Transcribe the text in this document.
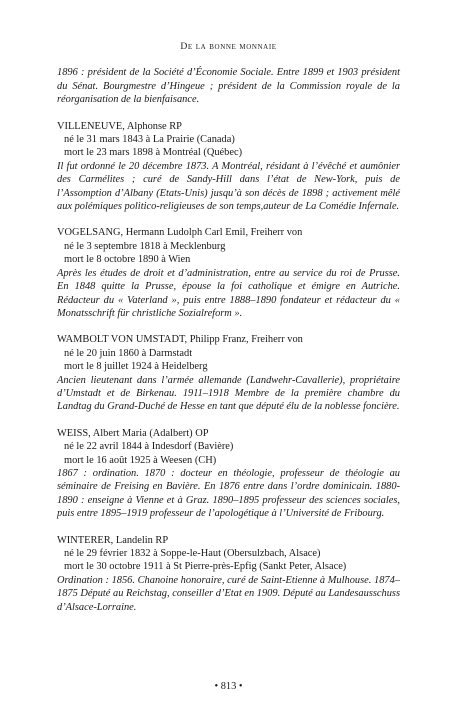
De la bonne monnaie
1896 : président de la Société d’Économie Sociale. Entre 1899 et 1903 président du Sénat. Bourgmestre d’Hingeue ; président de la Commission royale de la réorganisation de la bienfaisance.
VILLENEUVE, Alphonse RP
né le 31 mars 1843 à La Prairie (Canada)
mort le 23 mars 1898 à Montréal (Québec)
Il fut ordonné le 20 décembre 1873. A Montréal, résidant à l’évêché et aumônier des Carmélites ; curé de Sandy-Hill dans l’état de New-York, puis de l’Assomption d’Albany (Etats-Unis) jusqu’à son décès de 1898 ; activement mêlé aux polémiques politico-religieuses de son temps,auteur de La Comédie Infernale.
VOGELSANG, Hermann Ludolph Carl Emil, Freiherr von
né le 3 septembre 1818 à Mecklenburg
mort le 8 octobre 1890 à Wien
Après les études de droit et d’administration, entre au service du roi de Prusse. En 1848 quitte la Prusse, épouse la foi catholique et émigre en Autriche. Rédacteur du « Vaterland », puis entre 1888–1890 fondateur et rédacteur du « Monatsschrift für christliche Sozialreform ».
WAMBOLT VON UMSTADT, Philipp Franz, Freiherr von
né le 20 juin 1860 à Darmstadt
mort le 8 juillet 1924 à Heidelberg
Ancien lieutenant dans l’armée allemande (Landwehr-Cavallerie), propriétaire d’Umstadt et de Birkenau. 1911–1918 Membre de la première chambre du Landtag du Grand-Duché de Hesse en tant que député élu de la noblesse foncière.
WEISS, Albert Maria (Adalbert) OP
né le 22 avril 1844 à Indesdorf (Bavière)
mort le 16 août 1925 à Weesen (CH)
1867 : ordination. 1870 : docteur en théologie, professeur de théologie au séminaire de Freising en Bavière. En 1876 entre dans l’ordre dominicain. 1880-1890 : enseigne à Vienne et à Graz. 1890–1895 professeur des sciences sociales, puis entre 1895–1919 professeur de l’apologétique à l’Université de Fribourg.
WINTERER, Landelin RP
né le 29 février 1832 à Soppe-le-Haut (Obersulzbach, Alsace)
mort le 30 octobre 1911 à St Pierre-près-Epfig (Sankt Peter, Alsace)
Ordination : 1856. Chanoine honoraire, curé de Saint-Etienne à Mulhouse. 1874–1875 Député au Reichstag, conseiller d’Etat en 1909. Député au Landesausschuss d’Alsace-Lorraine.
• 813 •
